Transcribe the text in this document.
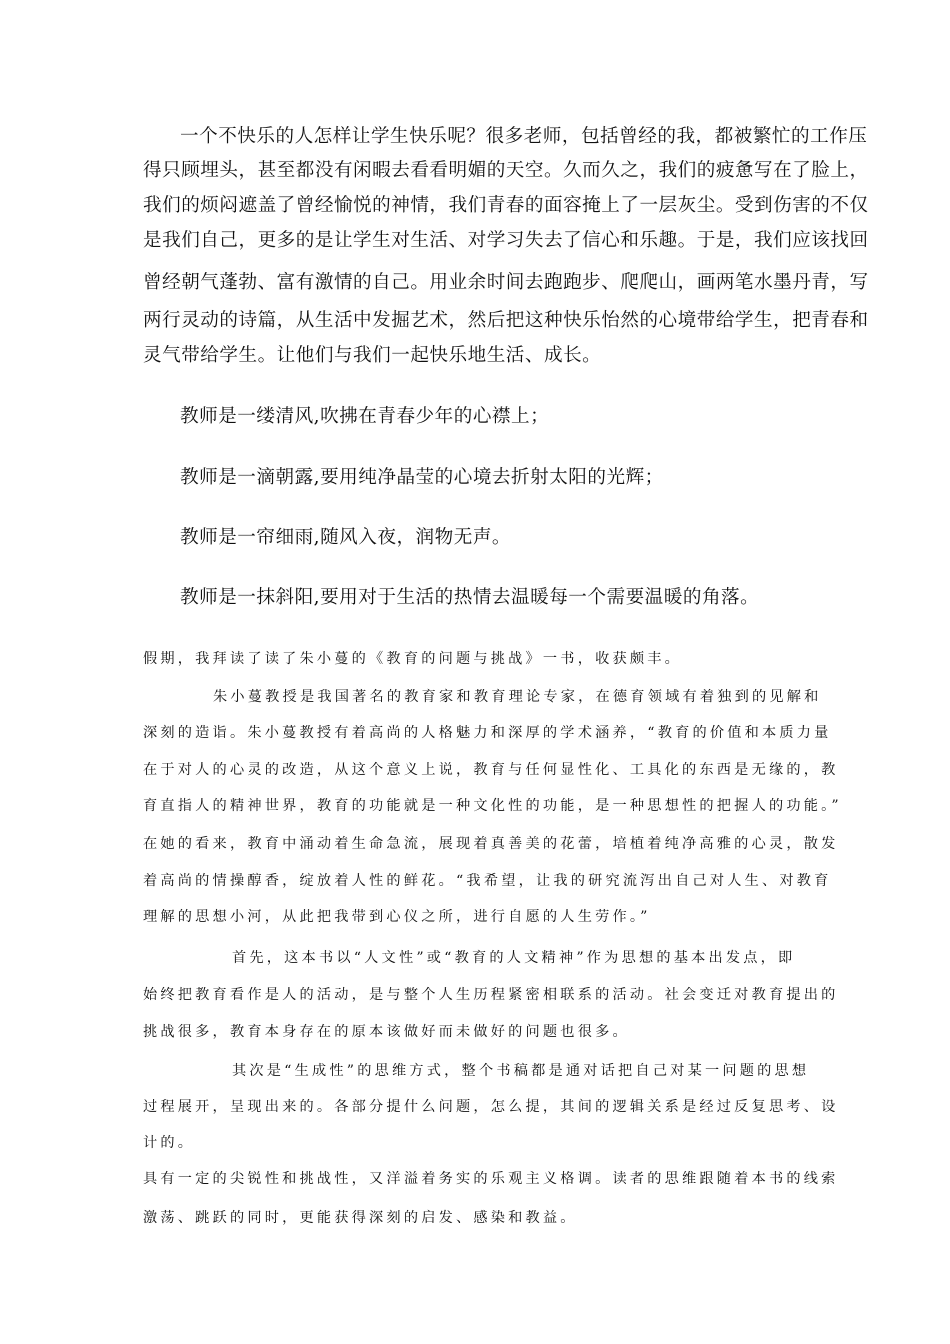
一个不快乐的人怎样让学生快乐呢？很多老师，包括曾经的我，都被繁忙的工作压
得只顾埋头，甚至都没有闲暇去看看明媚的天空。久而久之，我们的疲惫写在了脸上，
我们的烦闷遮盖了曾经愉悦的神情，我们青春的面容掩上了一层灰尘。受到伤害的不仅
是我们自己，更多的是让学生对生活、对学习失去了信心和乐趣。于是，我们应该找回
曾经朝气蓬勃、富有激情的自己。用业余时间去跑跑步、爬爬山，画两笔水墨丹青，写
两行灵动的诗篇，从生活中发掘艺术，然后把这种快乐怡然的心境带给学生，把青春和
灵气带给学生。让他们与我们一起快乐地生活、成长。
教师是一缕清风,吹拂在青春少年的心襟上；
教师是一滴朝露,要用纯净晶莹的心境去折射太阳的光辉；
教师是一帘细雨,随风入夜，润物无声。
教师是一抹斜阳,要用对于生活的热情去温暖每一个需要温暖的角落。
假期，我拜读了读了朱小蔓的《教育的问题与挑战》一书，收获颇丰。
朱小蔓教授是我国著名的教育家和教育理论专家，在德育领域有着独到的见解和
深刻的造诣。朱小蔓教授有着高尚的人格魅力和深厚的学术涵养，“教育的价值和本质力量
在于对人的心灵的改造，从这个意义上说，教育与任何显性化、工具化的东西是无缘的，教
育直指人的精神世界，教育的功能就是一种文化性的功能，是一种思想性的把握人的功能。”
在她的看来，教育中涌动着生命急流，展现着真善美的花蕾，培植着纯净高雅的心灵，散发
着高尚的情操醇香，绽放着人性的鲜花。“我希望，让我的研究流泻出自己对人生、对教育
理解的思想小河，从此把我带到心仪之所，进行自愿的人生劳作。”
首先，这本书以“人文性”或“教育的人文精神”作为思想的基本出发点，即
始终把教育看作是人的活动，是与整个人生历程紧密相联系的活动。社会变迁对教育提出的
挑战很多，教育本身存在的原本该做好而未做好的问题也很多。
其次是“生成性”的思维方式，整个书稿都是通对话把自己对某一问题的思想
过程展开，呈现出来的。各部分提什么问题，怎么提，其间的逻辑关系是经过反复思考、设
计的。
具有一定的尖锐性和挑战性，又洋溢着务实的乐观主义格调。读者的思维跟随着本书的线索
激荡、跳跃的同时，更能获得深刻的启发、感染和教益。
